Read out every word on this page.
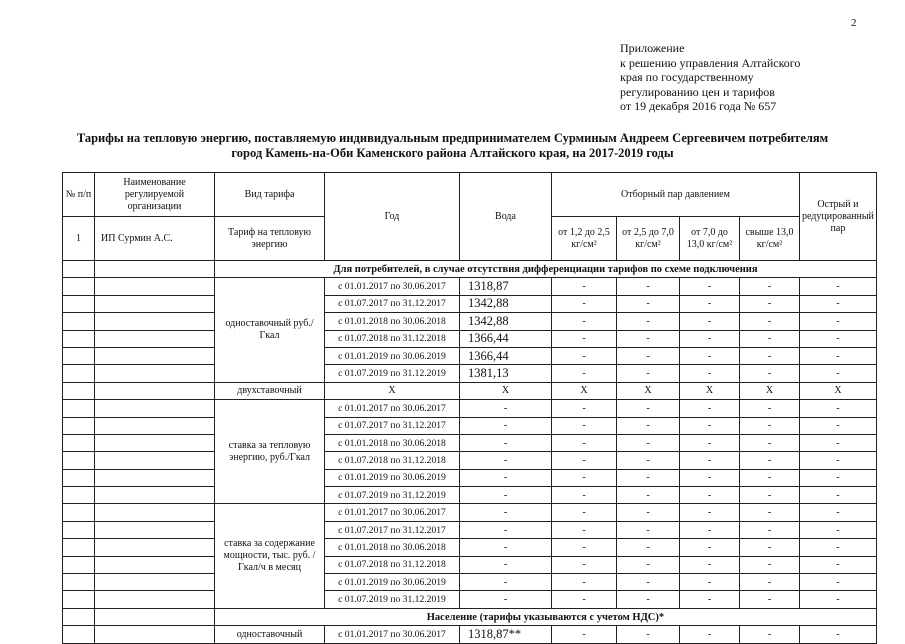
2
Приложение
к решению управления Алтайского
края по государственному
регулированию цен и тарифов
от 19 декабря 2016 года № 657
Тарифы на тепловую энергию, поставляемую индивидуальным предпринимателем Сурминым Андреем Сергеевичем потребителям
город Камень-на-Оби Каменского района Алтайского края, на 2017-2019 годы
№ п/п	Наименование регулируемой организации	Вид тарифа	Год	Вода	Отборный пар давлением				Острый и редуцированный пар
1	ИП Сурмин А.С.	Тариф на тепловую энергию			от 1,2 до 2,5 кг/см²	от 2,5 до 7,0 кг/см²	от 7,0 до 13,0 кг/см²	свыше 13,0 кг/см²	
		Для потребителей, в случае отсутствия дифференциации тарифов по схеме подключения							
		одноставочный руб./Гкал	с 01.01.2017 по 30.06.2017	1318,87	-	-	-	-	-
			с 01.07.2017 по 31.12.2017	1342,88	-	-	-	-	-
			с 01.01.2018 по 30.06.2018	1342,88	-	-	-	-	-
			с 01.07.2018 по 31.12.2018	1366,44	-	-	-	-	-
			с 01.01.2019 по 30.06.2019	1366,44	-	-	-	-	-
			с 01.07.2019 по 31.12.2019	1381,13	-	-	-	-	-
		двухставочный	Х	Х	Х	Х	Х	Х	Х
		ставка за тепловую энергию, руб./Гкал	с 01.01.2017 по 30.06.2017	-	-	-	-	-	-
			с 01.07.2017 по 31.12.2017	-	-	-	-	-	-
			с 01.01.2018 по 30.06.2018	-	-	-	-	-	-
			с 01.07.2018 по 31.12.2018	-	-	-	-	-	-
			с 01.01.2019 по 30.06.2019	-	-	-	-	-	-
			с 01.07.2019 по 31.12.2019	-	-	-	-	-	-
		ставка за содержание мощности, тыс. руб. /Гкал/ч в месяц	с 01.01.2017 по 30.06.2017	-	-	-	-	-	-
			с 01.07.2017 по 31.12.2017	-	-	-	-	-	-
			с 01.01.2018 по 30.06.2018	-	-	-	-	-	-
			с 01.07.2018 по 31.12.2018	-	-	-	-	-	-
			с 01.01.2019 по 30.06.2019	-	-	-	-	-	-
			с 01.07.2019 по 31.12.2019	-	-	-	-	-	-
		Население (тарифы указываются с учетом НДС)*							
		одноставочный	с 01.01.2017 по 30.06.2017	1318,87**	-	-	-	-	-
